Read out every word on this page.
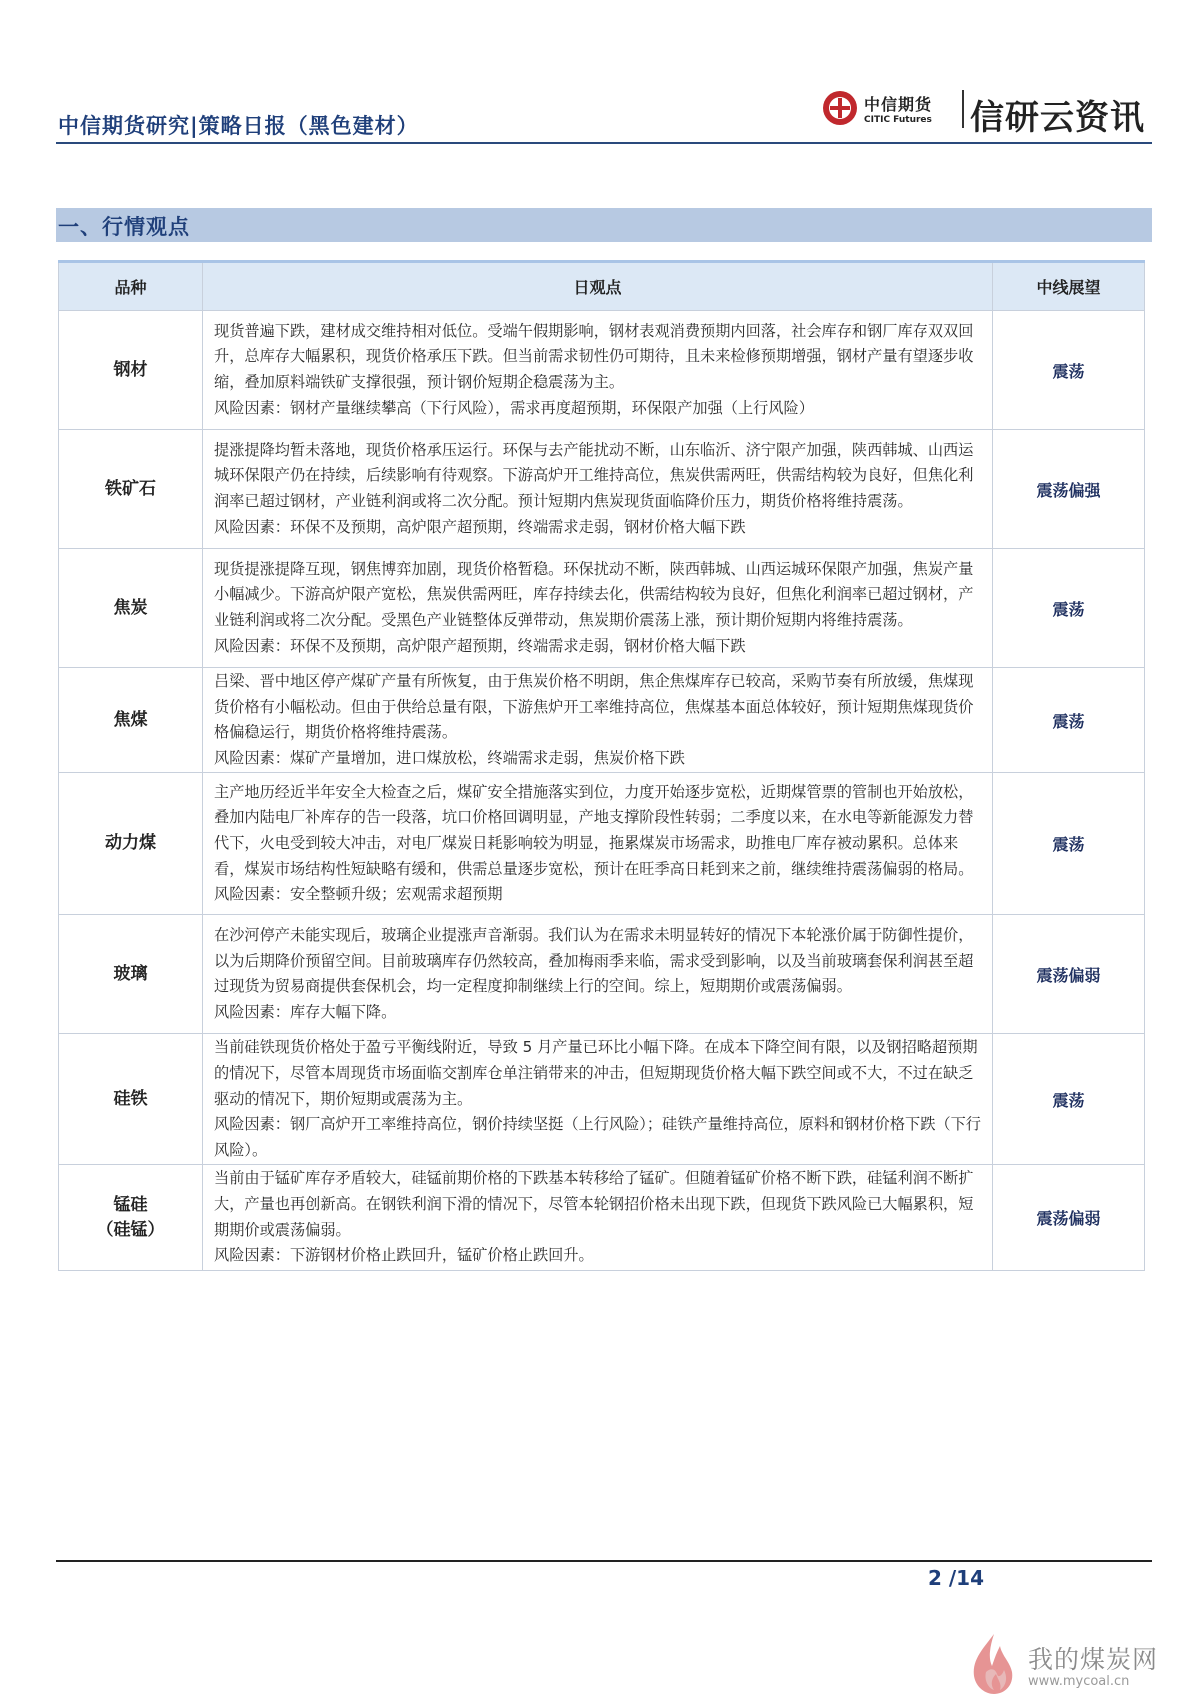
中信期货研究|策略日报（黑色建材）
中信期货
CITIC Futures 信研云资讯
一、行情观点
品种	日观点	中线展望
钢材	现货普遍下跌，建材成交维持相对低位。受端午假期影响，钢材表观消费预期内回落，社会库存和钢厂库存双双回升，总库存大幅累积，现货价格承压下跌。但当前需求韧性仍可期待，且未来检修预期增强，钢材产量有望逐步收缩，叠加原料端铁矿支撑很强，预计钢价短期企稳震荡为主。
风险因素：钢材产量继续攀高（下行风险），需求再度超预期，环保限产加强（上行风险）	震荡
铁矿石	提涨提降均暂未落地，现货价格承压运行。环保与去产能扰动不断，山东临沂、济宁限产加强，陕西韩城、山西运城环保限产仍在持续，后续影响有待观察。下游高炉开工维持高位，焦炭供需两旺，供需结构较为良好，但焦化利润率已超过钢材，产业链利润或将二次分配。预计短期内焦炭现货面临降价压力，期货价格将维持震荡。
风险因素：环保不及预期，高炉限产超预期，终端需求走弱，钢材价格大幅下跌	震荡偏强
焦炭	现货提涨提降互现，钢焦博弈加剧，现货价格暂稳。环保扰动不断，陕西韩城、山西运城环保限产加强，焦炭产量小幅减少。下游高炉限产宽松，焦炭供需两旺，库存持续去化，供需结构较为良好，但焦化利润率已超过钢材，产业链利润或将二次分配。受黑色产业链整体反弹带动，焦炭期价震荡上涨，预计期价短期内将维持震荡。
风险因素：环保不及预期，高炉限产超预期，终端需求走弱，钢材价格大幅下跌	震荡
焦煤	吕梁、晋中地区停产煤矿产量有所恢复，由于焦炭价格不明朗，焦企焦煤库存已较高，采购节奏有所放缓，焦煤现货价格有小幅松动。但由于供给总量有限，下游焦炉开工率维持高位，焦煤基本面总体较好，预计短期焦煤现货价格偏稳运行，期货价格将维持震荡。
风险因素：煤矿产量增加，进口煤放松，终端需求走弱，焦炭价格下跌	震荡
动力煤	主产地历经近半年安全大检查之后，煤矿安全措施落实到位，力度开始逐步宽松，近期煤管票的管制也开始放松，叠加内陆电厂补库存的告一段落，坑口价格回调明显，产地支撑阶段性转弱；二季度以来，在水电等新能源发力替代下，火电受到较大冲击，对电厂煤炭日耗影响较为明显，拖累煤炭市场需求，助推电厂库存被动累积。总体来看，煤炭市场结构性短缺略有缓和，供需总量逐步宽松，预计在旺季高日耗到来之前，继续维持震荡偏弱的格局。
风险因素：安全整顿升级；宏观需求超预期	震荡
玻璃	在沙河停产未能实现后，玻璃企业提涨声音渐弱。我们认为在需求未明显转好的情况下本轮涨价属于防御性提价，以为后期降价预留空间。目前玻璃库存仍然较高，叠加梅雨季来临，需求受到影响，以及当前玻璃套保利润甚至超过现货为贸易商提供套保机会，均一定程度抑制继续上行的空间。综上，短期期价或震荡偏弱。
风险因素：库存大幅下降。	震荡偏弱
硅铁	当前硅铁现货价格处于盈亏平衡线附近，导致 5 月产量已环比小幅下降。在成本下降空间有限，以及钢招略超预期的情况下，尽管本周现货市场面临交割库仓单注销带来的冲击，但短期现货价格大幅下跌空间或不大，不过在缺乏驱动的情况下，期价短期或震荡为主。
风险因素：钢厂高炉开工率维持高位，钢价持续坚挺（上行风险）；硅铁产量维持高位，原料和钢材价格下跌（下行风险）。	震荡
锰硅
（硅锰）	当前由于锰矿库存矛盾较大，硅锰前期价格的下跌基本转移给了锰矿。但随着锰矿价格不断下跌，硅锰利润不断扩大，产量也再创新高。在钢铁利润下滑的情况下，尽管本轮钢招价格未出现下跌，但现货下跌风险已大幅累积，短期期价或震荡偏弱。
风险因素：下游钢材价格止跌回升，锰矿价格止跌回升。	震荡偏弱
2 /14
我的煤炭网
www.mycoal.cn
